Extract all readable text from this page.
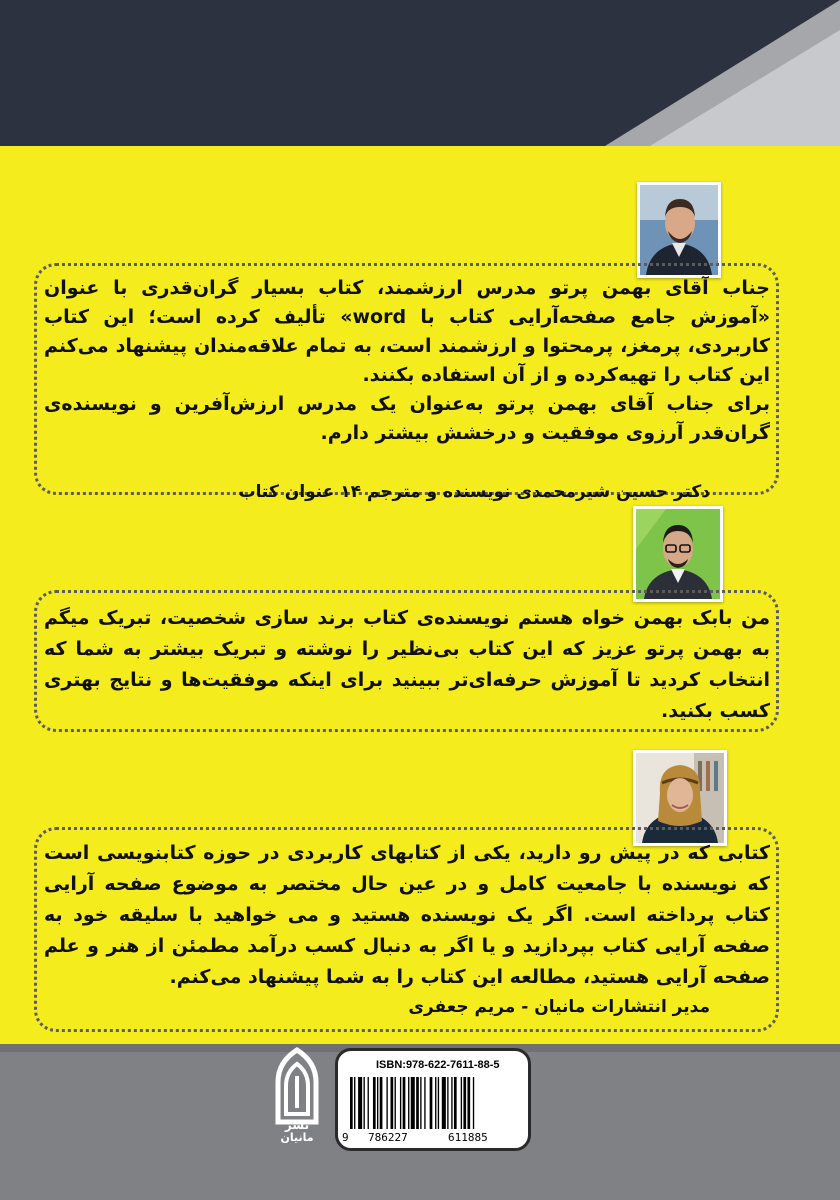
جناب آقای بهمن پرتو مدرس ارزشمند، کتاب بسیار گران‌قدری با عنوان «آموزش جامع صفحه‌آرایی کتاب با word» تألیف کرده است؛ این کتاب کاربردی، پرمغز، پرمحتوا و ارزشمند است، به تمام علاقه‌مندان پیشنهاد می‌کنم این کتاب را تهیه‌کرده و از آن استفاده بکنند.

برای جناب آقای بهمن پرتو به‌عنوان یک مدرس ارزش‌آفرین و نویسنده‌ی گران‌قدر آرزوی موفقیت و درخشش بیشتر دارم.

دکتر حسین شیرمحمدی نویسنده و مترجم ۱۴ عنوان کتاب

من بابک بهمن خواه هستم نویسنده‌ی کتاب برند سازی شخصیت، تبریک میگم به بهمن پرتو عزیز که این کتاب بی‌نظیر را نوشته و تبریک بیشتر به شما که انتخاب کردید تا آموزش حرفه‌ای‌تر ببینید برای اینکه موفقیت‌ها و نتایج بهتری کسب بکنید.

کتابی که در پیش رو دارید، یکی از کتابهای کاربردی در حوزه کتابنویسی است که نویسنده با جامعیت کامل و در عین حال مختصر به موضوع صفحه آرایی کتاب پرداخته است. اگر یک نویسنده هستید و می خواهید با سلیقه خود به صفحه آرایی کتاب بپردازید و یا اگر به دنبال کسب درآمد مطمئن از هنر و علم صفحه آرایی هستید، مطالعه این کتاب را به شما پیشنهاد می‌کنم.

مدیر انتشارات مانیان - مریم جعفری
نشر
مانیان
ISBN:978-622-7611-88-5
9 786227	611885
